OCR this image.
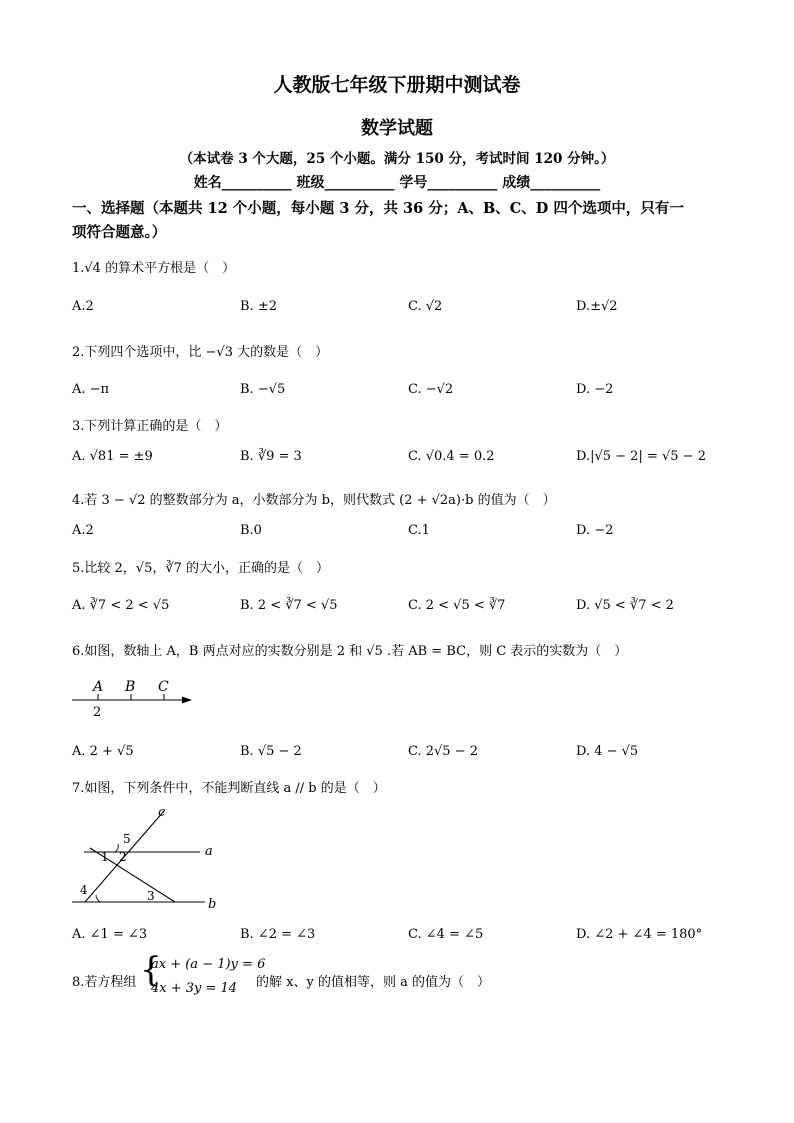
人教版七年级下册期中测试卷
数学试题
（本试卷 3 个大题，25 个小题。满分 150 分，考试时间 120 分钟。）
姓名__________ 班级__________ 学号__________ 成绩__________
一、选择题（本题共 12 个小题，每小题 3 分，共 36 分；A、B、C、D 四个选项中，只有一
项符合题意。）
1.√4 的算术平方根是（　）
A.2	B. ±2	C. √2	D.±√2
2.下列四个选项中，比 −√3 大的数是（　）
A. −π	B. −√5	C. −√2	D. −2
3.下列计算正确的是（　）
A. √81 = ±9	B. ∛9 = 3	C. √0.4 = 0.2	D.|√5 − 2| = √5 − 2
4.若 3 − √2 的整数部分为 a，小数部分为 b，则代数式 (2 + √2a)·b 的值为（　）
A.2	B.0	C.1	D. −2
5.比较 2，√5，∛7 的大小，正确的是（　）
A. ∛7 < 2 < √5	B. 2 < ∛7 < √5	C. 2 < √5 < ∛7	D. √5 < ∛7 < 2
6.如图，数轴上 A，B 两点对应的实数分别是 2 和 √5 .若 AB = BC，则 C 表示的实数为（　）
A B C
2
A. 2 + √5	B. √5 − 2	C. 2√5 − 2	D. 4 − √5
7.如图，下列条件中，不能判断直线 a // b 的是（　）
c
a
b
1 2
3
4
5
A. ∠1 = ∠3	B. ∠2 = ∠3	C. ∠4 = ∠5	D. ∠2 + ∠4 = 180°
8.若方程组 {
ax + (a − 1)y = 6
4x + 3y = 14 的解 x、y 的值相等，则 a 的值为（　）
